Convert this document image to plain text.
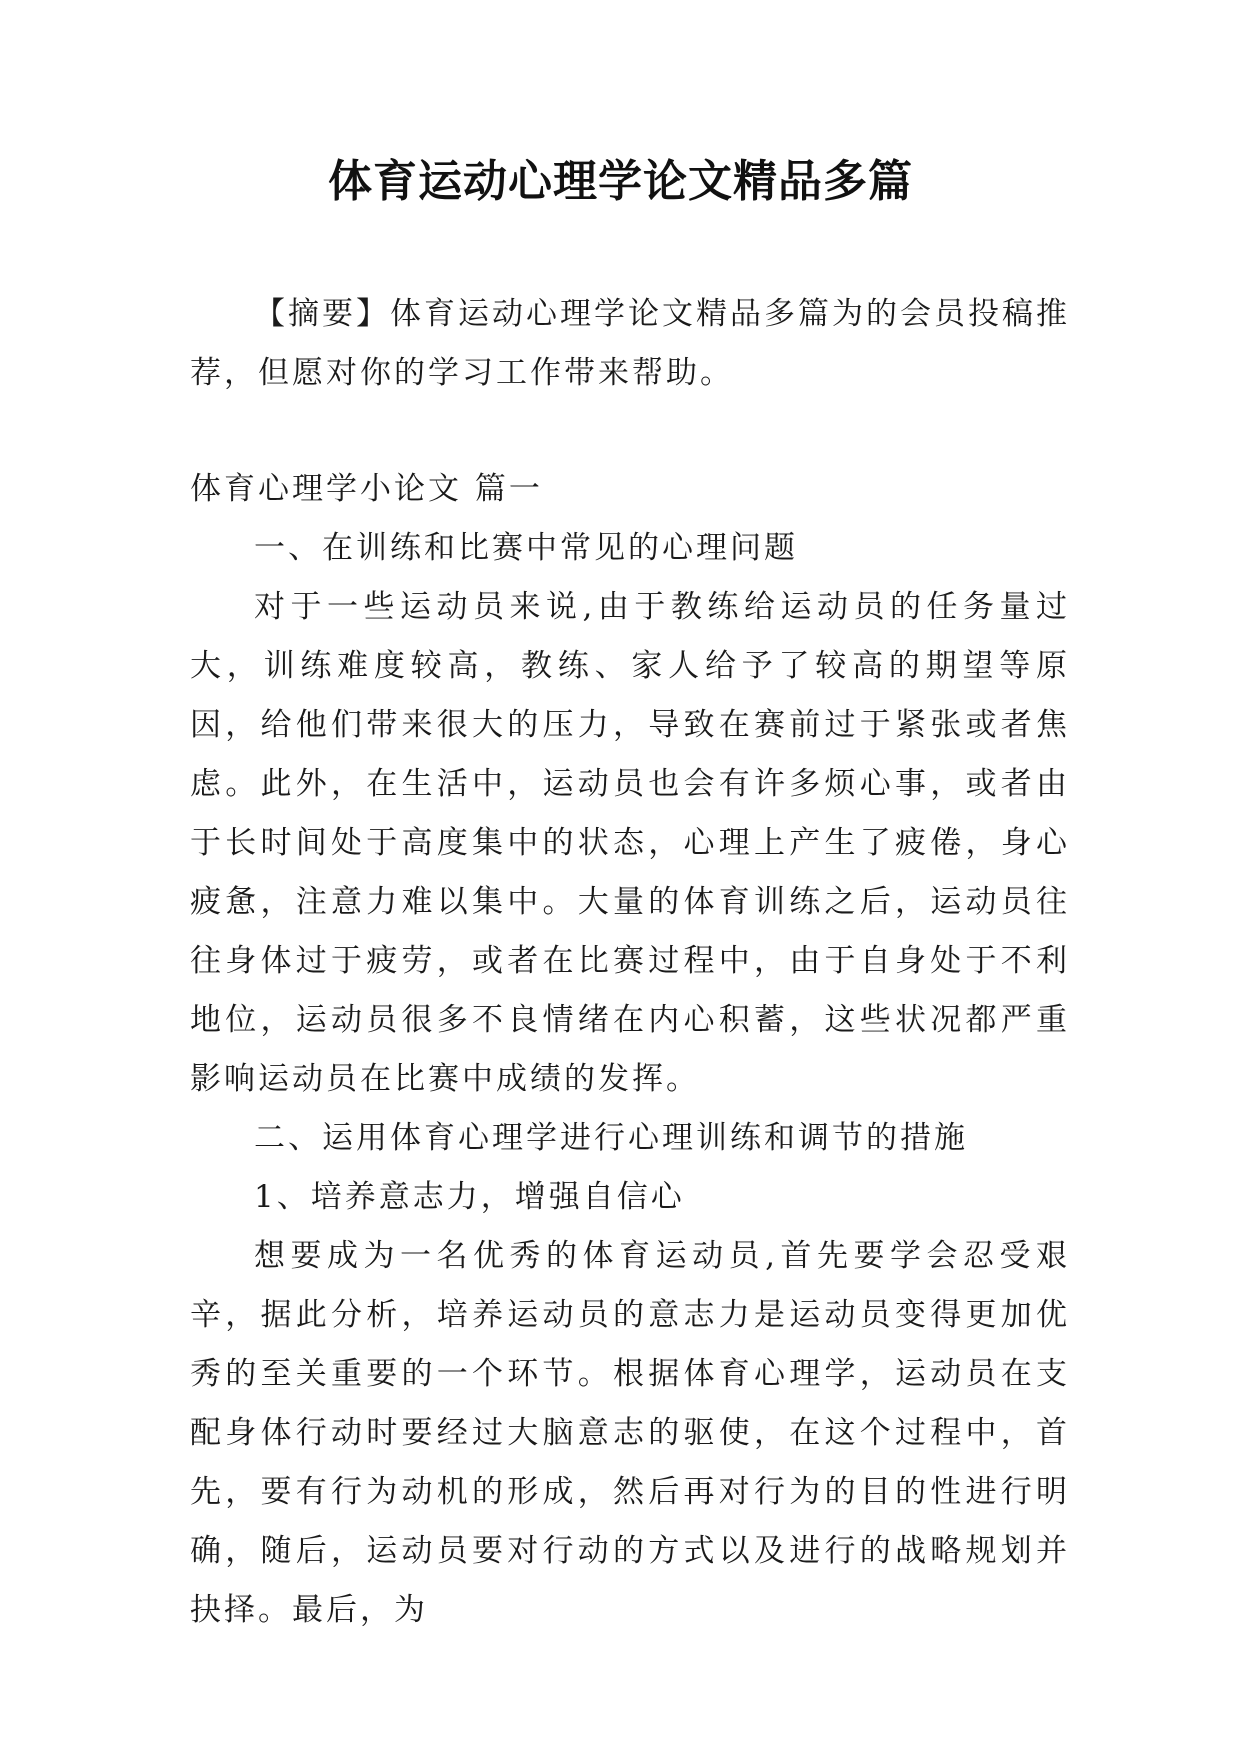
体育运动心理学论文精品多篇

【摘要】体育运动心理学论文精品多篇为的会员投稿推荐，但愿对你的学习工作带来帮助。

体育心理学小论文 篇一

一、在训练和比赛中常见的心理问题

对于一些运动员来说,由于教练给运动员的任务量过大，训练难度较高，教练、家人给予了较高的期望等原因，给他们带来很大的压力，导致在赛前过于紧张或者焦虑。此外，在生活中，运动员也会有许多烦心事，或者由于长时间处于高度集中的状态，心理上产生了疲倦，身心疲惫，注意力难以集中。大量的体育训练之后，运动员往往身体过于疲劳，或者在比赛过程中，由于自身处于不利地位，运动员很多不良情绪在内心积蓄，这些状况都严重影响运动员在比赛中成绩的发挥。

二、运用体育心理学进行心理训练和调节的措施

1、培养意志力，增强自信心

想要成为一名优秀的体育运动员,首先要学会忍受艰辛，据此分析，培养运动员的意志力是运动员变得更加优秀的至关重要的一个环节。根据体育心理学，运动员在支配身体行动时要经过大脑意志的驱使，在这个过程中，首先，要有行为动机的形成，然后再对行为的目的性进行明确，随后，运动员要对行动的方式以及进行的战略规划并抉择。最后，为
